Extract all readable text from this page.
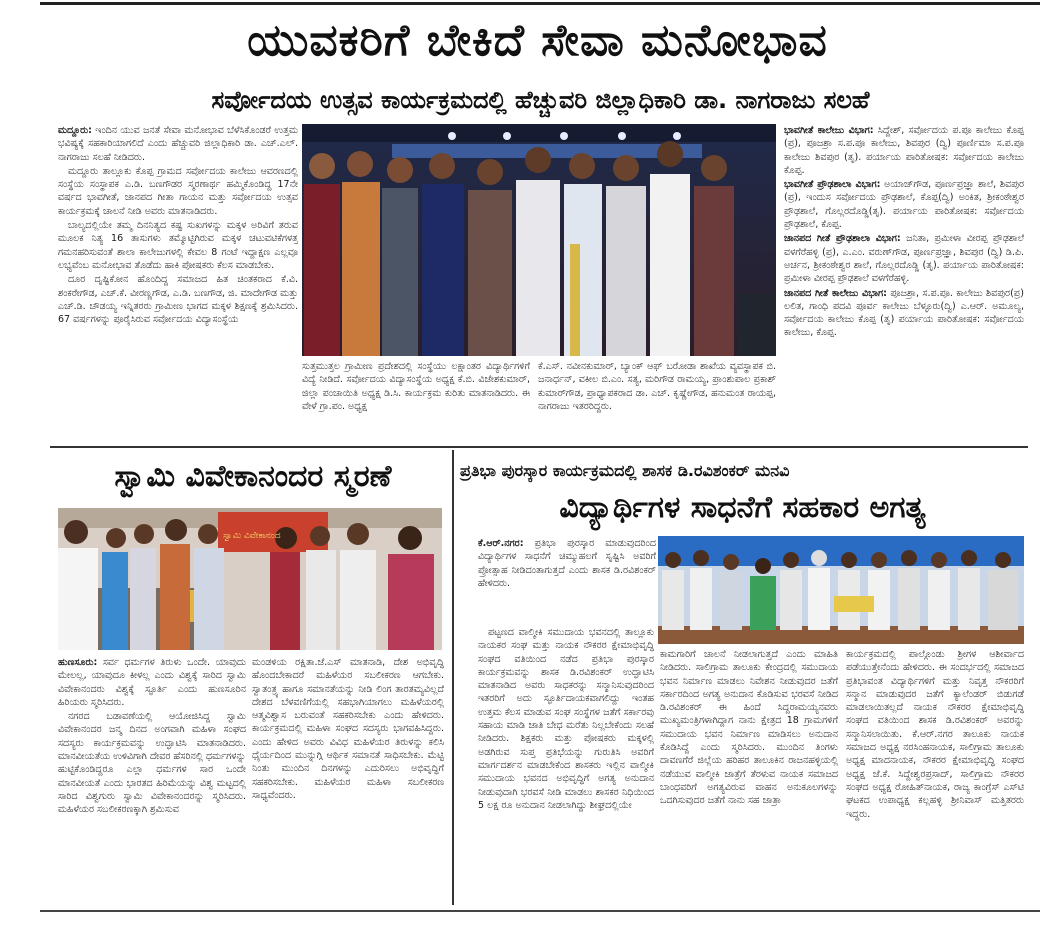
ಯುವಕರಿಗೆ ಬೇಕಿದೆ ಸೇವಾ ಮನೋಭಾವ
ಸರ್ವೋದಯ ಉತ್ಸವ ಕಾರ್ಯಕ್ರಮದಲ್ಲಿ ಹೆಚ್ಚುವರಿ ಜಿಲ್ಲಾಧಿಕಾರಿ ಡಾ. ನಾಗರಾಜು ಸಲಹೆ

ಮದ್ದೂರು: ಇಂದಿನ ಯುವ ಜನತೆ ಸೇವಾ ಮನೋಭಾವ ಬೆಳೆಸಿಕೊಂಡರೆ ಉತ್ತಮ ಭವಿಷ್ಯಕ್ಕೆ ಸಹಕಾರಿಯಾಗಲಿದೆ ಎಂದು ಹೆಚ್ಚುವರಿ ಜಿಲ್ಲಾಧಿಕಾರಿ ಡಾ. ಎಚ್.ಎಲ್. ನಾಗರಾಜು ಸಲಹೆ ನೀಡಿದರು.

ಮದ್ದೂರು ತಾಲ್ಲೂಕು ಕೊಪ್ಪ ಗ್ರಾಮದ ಸರ್ವೋದಯ ಕಾಲೇಜು ಆವರಣದಲ್ಲಿ ಸಂಸ್ಥೆಯ ಸಂಸ್ಥಾಪಕ ಎ.ಡಿ. ಬಣಗೌಡರ ಸ್ಮರಣಾರ್ಥ ಹಮ್ಮಿಕೊಂಡಿದ್ದ 17ನೇ ವರ್ಷದ ಭಾವಗೀತೆ, ಜಾನಪದ ಗೀತಾ ಗಾಯನ ಮತ್ತು ಸರ್ವೋದಯ ಉತ್ಸವ ಕಾರ್ಯಕ್ರಮಕ್ಕೆ ಚಾಲನೆ ನೀಡಿ ಅವರು ಮಾತನಾಡಿದರು.

ಬಾಲ್ಯದಲ್ಲಿಯೇ ತಮ್ಮ ದಿನನಿತ್ಯದ ಕಷ್ಟ ಸುಖಗಳನ್ನು ಮಕ್ಕಳ ಅರಿವಿಗೆ ತರುವ ಮೂಲಕ ನಿತ್ಯ 16 ತಾಸುಗಳು ತಮ್ಮೊಟ್ಟಿಗಿರುವ ಮಕ್ಕಳ ಚಟುವಟಿಕೆಗಳತ್ತ ಗಮನಹರಿಸುವಂತೆ ಶಾಲಾ ಕಾಲೇಜುಗಳಲ್ಲಿ ಕೇವಲ 8 ಗಂಟೆ ಇದ್ದಾಕ್ಷಣ ಎಲ್ಲವೂ ಲಭ್ಯವೆಂಬ ಮನೋಭಾವ ತೊಡೆದು ಹಾಕಿ ಪೋಷಕರು ಕೆಲಸ ಮಾಡಬೇಕು.

ದೂರ ದೃಷ್ಟಿಕೋನ ಹೊಂದಿದ್ದ ಸಮಾಜದ ಹಿತ ಚಿಂತಕರಾದ ಕೆ.ವಿ. ಶಂಕರೇಗೌಡ, ಎಚ್.ಕೆ. ವೀರಣ್ಣಗೌಡ, ಎ.ಡಿ. ಬಣಗೌಡ, ಜಿ. ಮಾದೇಗೌಡ ಮತ್ತು ಎಚ್.ಡಿ. ಚೌಡಯ್ಯ ಇನ್ನಿತರರು ಗ್ರಾಮೀಣ ಭಾಗದ ಮಕ್ಕಳ ಶಿಕ್ಷಣಕ್ಕೆ ಶ್ರಮಿಸಿದರು. 67 ವರ್ಷಗಳನ್ನು ಪೂರೈಸಿರುವ ಸರ್ವೋದಯ ವಿದ್ಯಾಸಂಸ್ಥೆಯ

ಸುತ್ತಮುತ್ತಲ ಗ್ರಾಮೀಣ ಪ್ರದೇಶದಲ್ಲಿ ಸಂಸ್ಥೆಯು ಲಕ್ಷಾಂತರ ವಿದ್ಯಾರ್ಥಿಗಳಿಗೆ ವಿದ್ಯೆ ನೀಡಿದೆ. ಸರ್ವೋದಯ ವಿದ್ಯಾಸಂಸ್ಥೆಯ ಅಧ್ಯಕ್ಷ ಕೆ.ಬಿ. ವಿಜೇಶಕುಮಾರ್, ಜಿಲ್ಲಾ ಪಂಚಾಯಿತಿ ಅಧ್ಯಕ್ಷ ಡಿ.ಸಿ. ಕಾರ್ಯಕ್ರಮ ಕುರಿತು ಮಾತನಾಡಿದರು. ಈ ವೇಳೆ ಗ್ರಾ.ಪಂ. ಅಧ್ಯಕ್ಷ
ಕೆ.ಎಸ್. ನವೀನಕುಮಾರ್, ಬ್ಯಾಂಕ್ ಆಫ್ ಬರೋಡಾ ಶಾಖೆಯ ವ್ಯವಸ್ಥಾಪಕ ಬಿ. ಜನಾರ್ಧನ್, ವಕೀಲ ಬಿ.ಎಂ. ಸತ್ಯ, ಮರಿಗೌಡ ರಾಮಯ್ಯ, ಪ್ರಾಂಶುಪಾಲ ಪ್ರಕಾಶ್ ಕುಮಾರ್‌ಗೌಡ, ಪ್ರಾಧ್ಯಾಪಕರಾದ ಡಾ. ಎಚ್. ಕೃಷ್ಣೇಗೌಡ, ಹನುಮಂತ ರಾಯಪ್ಪ, ನಾಗರಾಜು ಇತರರಿದ್ದರು.

ಭಾವಗೀತೆ ಕಾಲೇಜು ವಿಭಾಗ: ಸಿದ್ದೇಶ್, ಸರ್ವೋದಯ ಪ.ಪೂ ಕಾಲೇಜು ಕೊಪ್ಪ (ಪ್ರ), ಪೂಜಶ್ರಾ ಸ.ಪ.ಪೂ ಕಾಲೇಜು, ಶಿವಪುರ (ದ್ವಿ) ಪೂರ್ಣಿಮಾ ಸ.ಪ.ಪೂ ಕಾಲೇಜು ಶಿವಪುರ (ತೃ). ಪರ್ಯಾಯ ಪಾರಿತೋಷಕ: ಸರ್ವೋದಯ ಕಾಲೇಜು ಕೊಪ್ಪ.

ಭಾವಗೀತೆ ಪ್ರೌಢಶಾಲಾ ವಿಭಾಗ: ಅಯಾಜ್‌ಗೌಡ, ಪೂರ್ಣಪ್ರಜ್ಞಾ ಶಾಲೆ, ಶಿವಪುರ (ಪ್ರ), ಇಂದುಸ ಸರ್ವೋದಯ ಪ್ರೌಢಶಾಲೆ, ಕೊಪ್ಪ(ದ್ವಿ) ಅಂಕಿತ, ಶ್ರೀಕಂಠೇಶ್ವರ ಪ್ರೌಢಶಾಲೆ, ಗೊಲ್ಲರದೊಡ್ಡಿ(ತೃ). ಪರ್ಯಾಯ ಪಾರಿತೋಷಕ: ಸರ್ವೋದಯ ಪ್ರೌಢಶಾಲೆ, ಕೊಪ್ಪ.

ಜಾನಪದ ಗೀತೆ ಪ್ರೌಢಶಾಲಾ ವಿಭಾಗ: ಜನಿತಾ, ಪ್ರಮೀಳಾ ವೀರಪ್ಪ ಪ್ರೌಢಶಾಲೆ ವಳಗೆರೆಹಳ್ಳಿ (ಪ್ರ), ಎ.ಎಂ. ವರುಣ್‌ಗೌಡ, ಪೂರ್ಣಪ್ರಜ್ಞಾ, ಶಿವಪುರ (ದ್ವಿ) ಡಿ.ಪಿ. ಅರ್ಚನ, ಶ್ರೀಕಂಠೇಶ್ವರ ಶಾಲೆ, ಗೊಲ್ಲರದೊಡ್ಡಿ (ತೃ). ಪರ್ಯಾಯ ಪಾರಿತೋಷಕ: ಪ್ರಮೀಳಾ ವೀರಪ್ಪ ಪ್ರೌಢಶಾಲೆ ವಳಗೆರೆಹಳ್ಳಿ.

ಜಾನಪದ ಗೀತೆ ಕಾಲೇಜು ವಿಭಾಗ: ಪೂಜಶ್ರಾ, ಸ.ಪ.ಪೂ. ಕಾಲೇಜು ಶಿವಪುರ(ಪ್ರ) ಲಲಿತ, ಗಾಂಧಿ ಪದವಿ ಪೂರ್ವ ಕಾಲೇಜು ಬೆಳ್ಳೂರು(ದ್ವಿ) ಎ.ಆರ್. ಅಮೂಲ್ಯ, ಸರ್ವೋದಯ ಕಾಲೇಜು ಕೊಪ್ಪ (ತೃ) ಪರ್ಯಾಯ ಪಾರಿತೋಷಕ: ಸರ್ವೋದಯ ಕಾಲೇಜು, ಕೊಪ್ಪ.

ಸ್ವಾಮಿ ವಿವೇಕಾನಂದರ ಸ್ಮರಣೆ
ಸ್ವಾಮಿ ವಿವೇಕಾನಂದ

ಹುಣಸೂರು: ಸರ್ವ ಧರ್ಮಗಳ ತಿರುಳು ಒಂದೇ. ಯಾವುದು ಮೇಲಲ್ಲ, ಯಾವುದೂ ಕೀಳಲ್ಲ ಎಂದು ವಿಶ್ವಕ್ಕೆ ಸಾರಿದ ಸ್ವಾಮಿ ವಿವೇಕಾನಂದರು ವಿಶ್ವಕ್ಕೆ ಸ್ಫೂರ್ತಿ ಎಂದು ಹುಣಸೂರಿನ ಹಿರಿಯರು ಸ್ಮರಿಸಿದರು.

ನಗರದ ಬಡಾವಣೆಯಲ್ಲಿ ಆಯೋಜಿಸಿದ್ದ ಸ್ವಾಮಿ ವಿವೇಕಾನಂದರ ಜನ್ಮ ದಿನದ ಅಂಗವಾಗಿ ಮಹಿಳಾ ಸಂಘದ ಸದಸ್ಯರು ಕಾರ್ಯಕ್ರಮವನ್ನು ಉದ್ಘಾಟಿಸಿ ಮಾತನಾಡಿದರು. ಮಾನವೀಯತೆಯ ಉಳಿವಿಗಾಗಿ ದೇವರ ಹೆಸರಿನಲ್ಲಿ ಧರ್ಮಗಳನ್ನು ಹುಟ್ಟಿಕೊಂಡಿದ್ದರೂ ಎಲ್ಲಾ ಧರ್ಮಗಳ ಸಾರ ಒಂದೇ ಮಾನವೀಯತೆ ಎಂದು ಭಾರತದ ಹಿರಿಮೆಯನ್ನು ವಿಶ್ವ ಮಟ್ಟದಲ್ಲಿ ಸಾರಿದ ವಿಶ್ವಗುರು ಸ್ವಾಮಿ ವಿವೇಕಾನಂದರನ್ನು ಸ್ಮರಿಸಿದರು. ಮಹಿಳೆಯರ ಸಬಲೀಕರಣಕ್ಕಾಗಿ ಶ್ರಮಿಸುವ

ಮಂಡಳಿಯ ರಕ್ಷಿತಾ.ಜೆ.ಎಸ್ ಮಾತನಾಡಿ, ದೇಶ ಅಭಿವೃದ್ಧಿ ಹೊಂದಬೇಕಾದರೆ ಮಹಿಳೆಯರ ಸಬಲೀಕರಣ ಆಗಬೇಕು. ಸ್ವಾತಂತ್ರ್ಯ ಹಾಗೂ ಸಮಾನತೆಯನ್ನು ನೀಡಿ ಲಿಂಗ ತಾರತಮ್ಯವಿಲ್ಲದೆ ದೇಶದ ಬೆಳವಣಿಗೆಯಲ್ಲಿ ಸಹಭಾಗಿಯಾಗಲು ಮಹಿಳೆಯರಲ್ಲಿ ಆತ್ಮವಿಶ್ವಾಸ ಬರುವಂತೆ ಸಹಕರಿಸಬೇಕು ಎಂದು ಹೇಳಿದರು. ಕಾರ್ಯಕ್ರಮದಲ್ಲಿ ಮಹಿಳಾ ಸಂಘದ ಸದಸ್ಯರು ಭಾಗವಹಿಸಿದ್ದರು. ಎಂದು ಹೇಳಿದ ಅವರು ವಿವಿಧ ಮಹಿಳೆಯರ ತಿರುಳನ್ನು ಕಲಿಸಿ ಧೈರ್ಯದಿಂದ ಮುನ್ನುಗ್ಗಿ ಆರ್ಥಿಕ ಸಮಾನತೆ ಸಾಧಿಸಬೇಕು. ಮೆಟ್ಟಿ ನಿಂತು ಮುಂದಿನ ದಿನಗಳನ್ನು ಎದುರಿಸಲು ಅಭಿವೃದ್ಧಿಗೆ ಸಹಕರಿಸಬೇಕು. ಮಹಿಳೆಯರ ಮಹಿಳಾ ಸಬಲೀಕರಣ ಸಾಧ್ಯವೆಂದರು.

ಪ್ರತಿಭಾ ಪುರಸ್ಕಾರ ಕಾರ್ಯಕ್ರಮದಲ್ಲಿ ಶಾಸಕ ಡಿ.ರವಿಶಂಕರ್ ಮನವಿ
ವಿದ್ಯಾರ್ಥಿಗಳ ಸಾಧನೆಗೆ ಸಹಕಾರ ಅಗತ್ಯ

ಕೆ.ಆರ್.ನಗರ: ಪ್ರತಿಭಾ ಪುರಸ್ಕಾರ ಮಾಡುವುದರಿಂದ ವಿದ್ಯಾರ್ಥಿಗಳ ಸಾಧನೆಗೆ ಚಿಮ್ಮುಹಲಗೆ ಸೃಷ್ಟಿಸಿ ಅವರಿಗೆ ಪ್ರೋತ್ಸಾಹ ನೀಡಿದಂತಾಗುತ್ತದೆ ಎಂದು ಶಾಸಕ ಡಿ.ರವಿಶಂಕರ್ ಹೇಳಿದರು.

ಪಟ್ಟಣದ ವಾಲ್ಮೀಕಿ ಸಮುದಾಯ ಭವನದಲ್ಲಿ ತಾಲ್ಲೂಕು ನಾಯಕರ ಸಂಘ ಮತ್ತು ನಾಯಕ ನೌಕರರ ಕ್ಷೇಮಾಭಿವೃದ್ಧಿ ಸಂಘದ ವತಿಯಿಂದ ನಡೆದ ಪ್ರತಿಭಾ ಪುರಸ್ಕಾರ ಕಾರ್ಯಕ್ರಮವನ್ನು ಶಾಸಕ ಡಿ.ರವಿಶಂಕರ್ ಉದ್ಘಾಟಿಸಿ ಮಾತನಾಡಿದ ಅವರು ಸಾಧಕರನ್ನು ಸನ್ಮಾನಿಸುವುದರಿಂದ ಇತರರಿಗೆ ಅದು ಸ್ಫೂರ್ತಿದಾಯಕವಾಗಲಿದ್ದು ಇಂತಹ ಉತ್ತಮ ಕೆಲಸ ಮಾಡುವ ಸಂಘ ಸಂಸ್ಥೆಗಳ ಜತೆಗೆ ಸರ್ಕಾರವು ಸಹಾಯ ಮಾಡಿ ಜಾತಿ ಬೇಧ ಮರೆತು ನಿಲ್ಲಬೇಕೆಂದು ಸಲಹೆ ನೀಡಿದರು. ಶಿಕ್ಷಕರು ಮತ್ತು ಪೋಷಕರು ಮಕ್ಕಳಲ್ಲಿ ಅಡಗಿರುವ ಸುಪ್ತ ಪ್ರತಿಭೆಯನ್ನು ಗುರುತಿಸಿ ಅವರಿಗೆ ಮಾರ್ಗದರ್ಶನ ಮಾಡಬೇಕೆಂದ ಶಾಸಕರು ಇಲ್ಲಿನ ವಾಲ್ಮೀಕಿ ಸಮುದಾಯ ಭವನದ ಅಭಿವೃದ್ಧಿಗೆ ಅಗತ್ಯ ಅನುದಾನ ನೀಡುವುದಾಗಿ ಭರವಸೆ ನೀಡಿ ಮಾಡಲು ಶಾಸಕರ ನಿಧಿಯಿಂದ 5 ಲಕ್ಷ ರೂ ಅನುದಾನ ನೀಡಲಾಗಿದ್ದು ಶೀಘ್ರದಲ್ಲಿಯೇ

ಕಾಮಗಾರಿಗೆ ಚಾಲನೆ ನೀಡಲಾಗುತ್ತದೆ ಎಂದು ಮಾಹಿತಿ ನೀಡಿದರು. ಸಾಲಿಗ್ರಾಮ ತಾಲೂಕು ಕೇಂದ್ರದಲ್ಲಿ ಸಮುದಾಯ ಭವನ ನಿರ್ಮಾಣ ಮಾಡಲು ನಿವೇಶನ ನೀಡುವುದರ ಜತೆಗೆ ಸರ್ಕಾರದಿಂದ ಅಗತ್ಯ ಅನುದಾನ ಕೊಡಿಸುವ ಭರವಸೆ ನೀಡಿದ ಡಿ.ರವಿಶಂಕರ್ ಈ ಹಿಂದೆ ಸಿದ್ದರಾಮಯ್ಯನವರು ಮುಖ್ಯಮಂತ್ರಿಗಳಾಗಿದ್ದಾಗ ನಾನು ಕ್ಷೇತ್ರದ 18 ಗ್ರಾಮಗಳಿಗೆ ಸಮುದಾಯ ಭವನ ನಿರ್ಮಾಣ ಮಾಡಿಸಲು ಅನುದಾನ ಕೊಡಿಸಿದ್ದೆ ಎಂದು ಸ್ಮರಿಸಿದರು. ಮುಂದಿನ ತಿಂಗಳು ದಾವಣಗೆರೆ ಜಿಲ್ಲೆಯ ಹರಿಹರ ತಾಲೂಕಿನ ರಾಜನಹಳ್ಳಿಯಲ್ಲಿ ನಡೆಯುವ ವಾಲ್ಮೀಕಿ ಜಾತ್ರೆಗೆ ತೆರಳುವ ನಾಯಕ ಸಮಾಜದ ಬಾಂಧವರಿಗೆ ಅಗತ್ಯವಿರುವ ವಾಹನ ಅನುಕೂಲಗಳನ್ನು ಒದಗಿಸುವುದರ ಜತೆಗೆ ನಾನು ಸಹ ಜಾತ್ರಾ

ಕಾರ್ಯಕ್ರಮದಲ್ಲಿ ಪಾಲ್ಗೊಂಡು ಶ್ರೀಗಳ ಆಶೀರ್ವಾದ ಪಡೆಯುತ್ತೇನೆಂದು ಹೇಳಿದರು. ಈ ಸಂದರ್ಭದಲ್ಲಿ ಸಮಾಜದ ಪ್ರತಿಭಾವಂತ ವಿದ್ಯಾರ್ಥಿಗಳಿಗೆ ಮತ್ತು ನಿವೃತ್ತ ನೌಕರರಿಗೆ ಸನ್ಮಾನ ಮಾಡುವುದರ ಜತೆಗೆ ಕ್ಯಾಲೆಂಡರ್ ಬಿಡುಗಡೆ ಮಾಡಲಾಯಿತಲ್ಲದೆ ನಾಯಕ ನೌಕರರ ಕ್ಷೇಮಾಭಿವೃದ್ಧಿ ಸಂಘದ ವತಿಯಿಂದ ಶಾಸಕ ಡಿ.ರವಿಶಂಕರ್ ಅವರನ್ನು ಸನ್ಮಾನಿಸಲಾಯಿತು. ಕೆ.ಆರ್.ನಗರ ತಾಲೂಕು ನಾಯಕ ಸಮಾಜದ ಅಧ್ಯಕ್ಷ ನರಸಿಂಹನಾಯಕ, ಸಾಲಿಗ್ರಾಮ ತಾಲೂಕು ಅಧ್ಯಕ್ಷ ಮಾದನಾಯಕ, ನೌಕರರ ಕ್ಷೇಮಾಭಿವೃದ್ಧಿ ಸಂಘದ ಅಧ್ಯಕ್ಷ ಜೆ.ಕೆ. ಸಿದ್ದೇಶ್ವರಪ್ರಸಾದ್, ಸಾಲಿಗ್ರಾಮ ನೌಕರರ ಸಂಘದ ಅಧ್ಯಕ್ಷ ರೋಹಿತ್‌ನಾಯಕ, ರಾಜ್ಯ ಕಾಂಗ್ರೆಸ್ ಎಸ್‌ಟಿ ಘಟಕದ ಉಪಾಧ್ಯಕ್ಷ ಕಲ್ಲಹಳ್ಳಿ ಶ್ರೀನಿವಾಸ್ ಮತ್ತಿತರರು ಇದ್ದರು.
